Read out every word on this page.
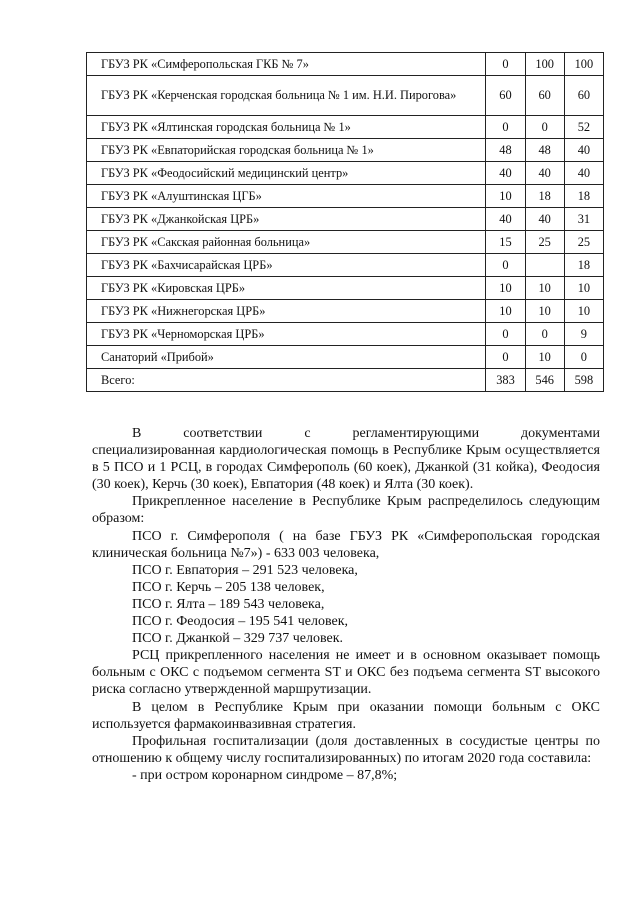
ГБУЗ РК «Симферопольская ГКБ № 7»	0	100	100
ГБУЗ РК «Керченская городская больница № 1 им. Н.И. Пирогова»	60	60	60
ГБУЗ РК «Ялтинская городская больница № 1»	0	0	52
ГБУЗ РК «Евпаторийская городская больница № 1»	48	48	40
ГБУЗ РК «Феодосийский медицинский центр»	40	40	40
ГБУЗ РК «Алуштинская ЦГБ»	10	18	18
ГБУЗ РК «Джанкойская ЦРБ»	40	40	31
ГБУЗ РК «Сакская районная больница»	15	25	25
ГБУЗ РК «Бахчисарайская ЦРБ»	0		18
ГБУЗ РК «Кировская ЦРБ»	10	10	10
ГБУЗ РК «Нижнегорская ЦРБ»	10	10	10
ГБУЗ РК «Черноморская ЦРБ»	0	0	9
Санаторий «Прибой»	0	10	0
Всего:	383	546	598

В соответствии с регламентирующими документами

специализированная кардиологическая помощь в Республике Крым осуществляется в 5 ПСО и 1 РСЦ, в городах Симферополь (60 коек), Джанкой (31 койка), Феодосия (30 коек), Керчь (30 коек), Евпатория (48 коек) и Ялта (30 коек).

Прикрепленное население в Республике Крым распределилось следующим образом:

ПСО г. Симферополя ( на базе ГБУЗ РК «Симферопольская городская клиническая больница №7») - 633 003 человека,

ПСО г. Евпатория – 291 523 человека,

ПСО г. Керчь – 205 138 человек,

ПСО г. Ялта – 189 543 человека,

ПСО г. Феодосия – 195 541 человек,

ПСО г. Джанкой – 329 737 человек.

РСЦ прикрепленного населения не имеет и в основном оказывает помощь больным с ОКС с подъемом сегмента ST и ОКС без подъема сегмента ST высокого риска согласно утвержденной маршрутизации.

В целом в Республике Крым при оказании помощи больным с ОКС используется фармакоинвазивная стратегия.

Профильная госпитализации (доля доставленных в сосудистые центры по отношению к общему числу госпитализированных) по итогам 2020 года составила:

- при остром коронарном синдроме – 87,8%;
